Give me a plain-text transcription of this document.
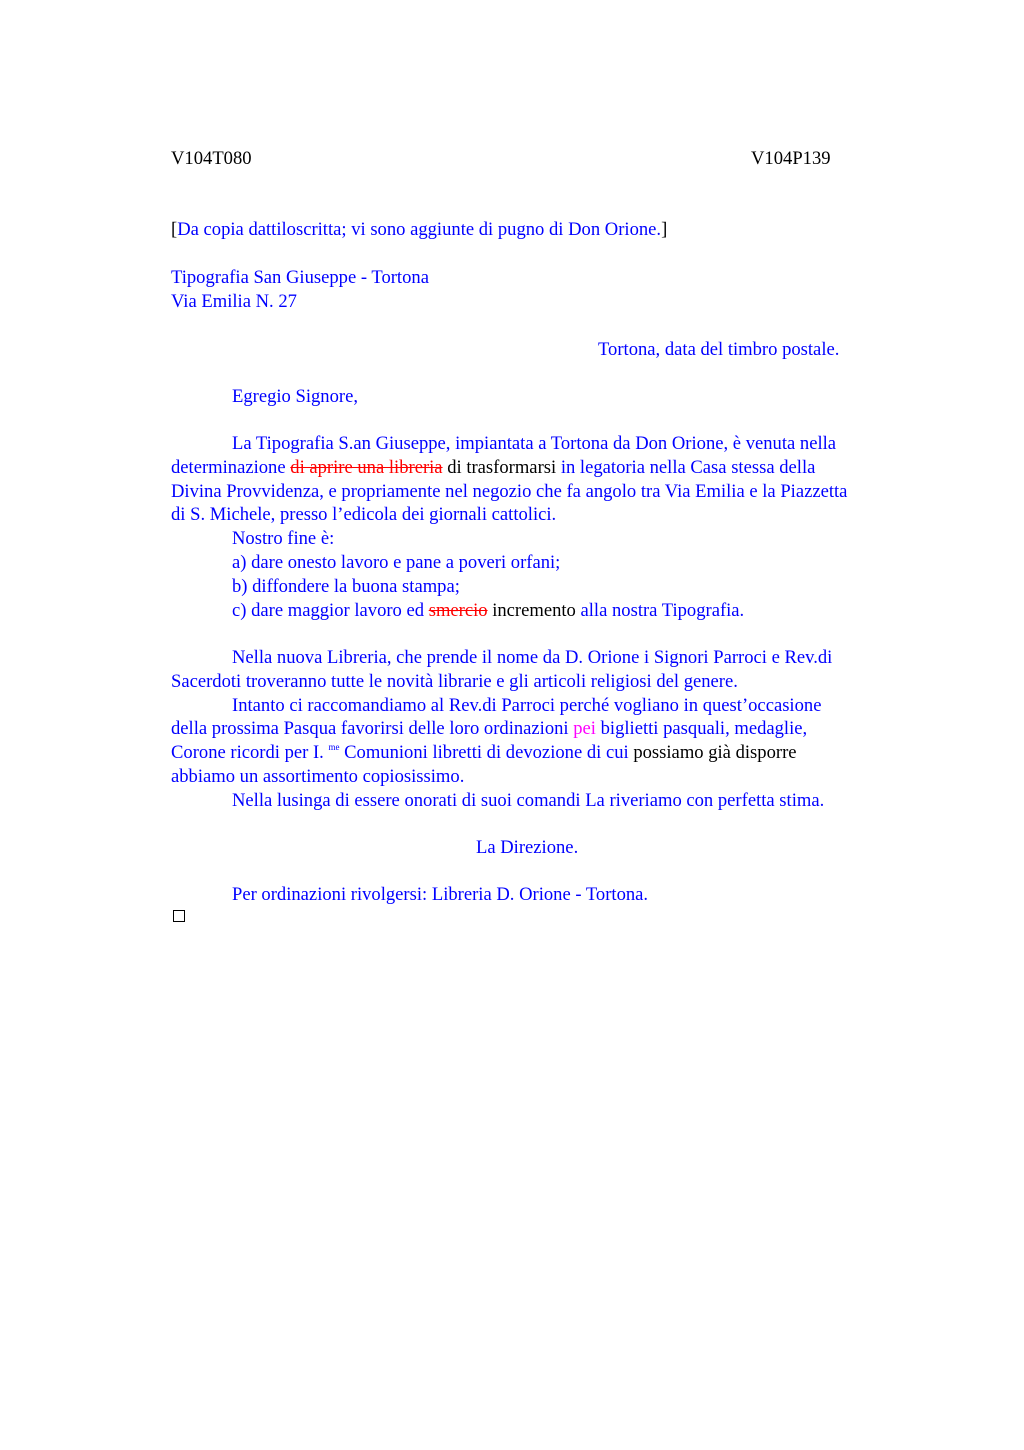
V104T080	V104P139
[Da copia dattiloscritta; vi sono aggiunte di pugno di Don Orione.]
Tipografia San Giuseppe - Tortona
Via Emilia N. 27
Tortona, data del timbro postale.
Egregio Signore,
La Tipografia S.an Giuseppe, impiantata a Tortona da Don Orione, è venuta nella
determinazione di aprire una libreria di trasformarsi in legatoria nella Casa stessa della
Divina Provvidenza, e propriamente nel negozio che fa angolo tra Via Emilia e la Piazzetta
di S. Michele, presso l’edicola dei giornali cattolici.
Nostro fine è:
a) dare onesto lavoro e pane a poveri orfani;
b) diffondere la buona stampa;
c) dare maggior lavoro ed smercio incremento alla nostra Tipografia.
Nella nuova Libreria, che prende il nome da D. Orione i Signori Parroci e Rev.di
Sacerdoti troveranno tutte le novità librarie e gli articoli religiosi del genere.
Intanto ci raccomandiamo al Rev.di Parroci perché vogliano in quest’occasione
della prossima Pasqua favorirsi delle loro ordinazioni pei biglietti pasquali, medaglie,
Corone ricordi per I. $^{me}$ Comunioni libretti di devozione di cui possiamo già disporre
abbiamo un assortimento copiosissimo.
Nella lusinga di essere onorati di suoi comandi La riveriamo con perfetta stima.
La Direzione.
Per ordinazioni rivolgersi: Libreria D. Orione - Tortona.
